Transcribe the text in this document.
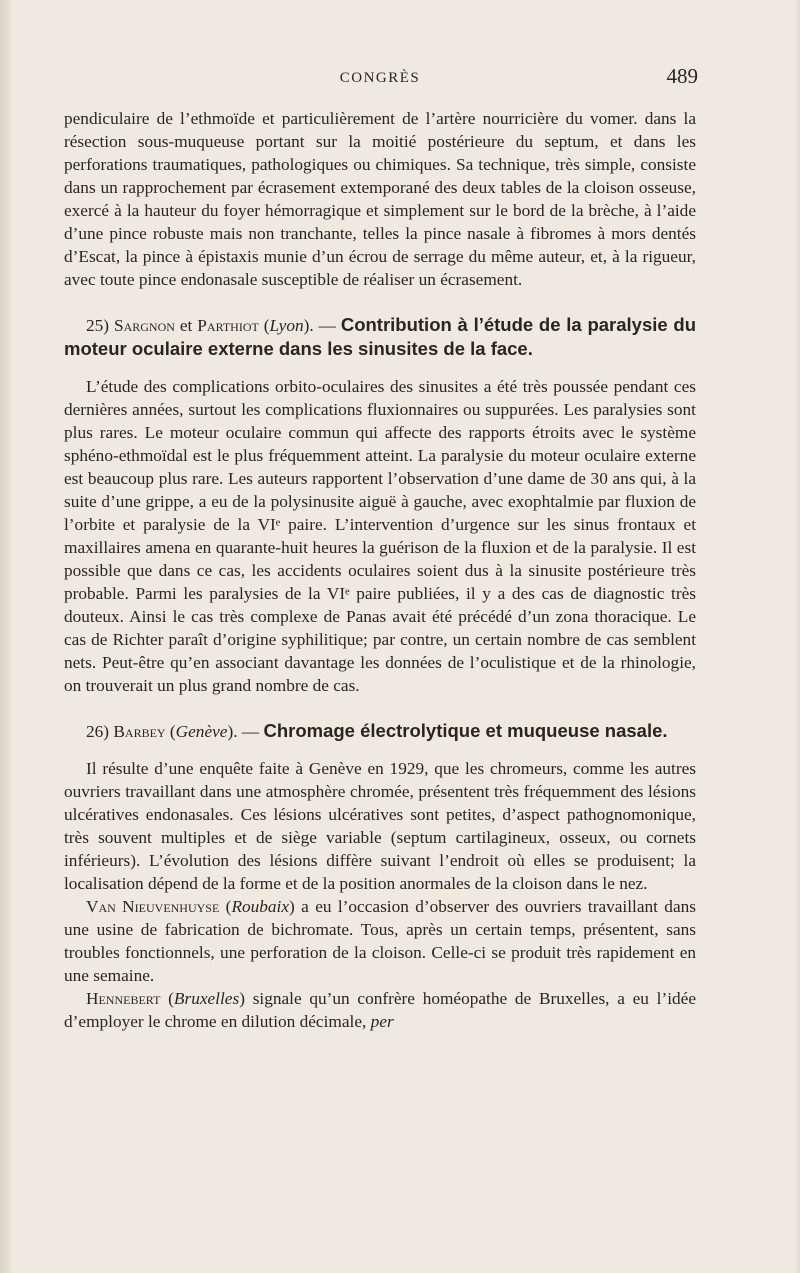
CONGRÈS	489

pendiculaire de l’ethmoïde et particulièrement de l’artère nourricière du vomer. dans la résection sous-muqueuse portant sur la moitié postérieure du septum, et dans les perforations traumatiques, pathologiques ou chimiques. Sa technique, très simple, consiste dans un rapprochement par écrasement extemporané des deux tables de la cloison osseuse, exercé à la hauteur du foyer hémorragique et simplement sur le bord de la brèche, à l’aide d’une pince robuste mais non tranchante, telles la pince nasale à fibromes à mors dentés d’Escat, la pince à épistaxis munie d’un écrou de serrage du même auteur, et, à la rigueur, avec toute pince endonasale susceptible de réaliser un écrasement.

25) Sargnon et Parthiot (Lyon). — Contribution à l’étude de la paralysie du moteur oculaire externe dans les sinusites de la face.

L’étude des complications orbito-oculaires des sinusites a été très poussée pendant ces dernières années, surtout les complications fluxionnaires ou suppurées. Les paralysies sont plus rares. Le moteur oculaire commun qui affecte des rapports étroits avec le système sphéno-ethmoïdal est le plus fréquemment atteint. La paralysie du moteur oculaire externe est beaucoup plus rare. Les auteurs rapportent l’observation d’une dame de 30 ans qui, à la suite d’une grippe, a eu de la polysinusite aiguë à gauche, avec exophtalmie par fluxion de l’orbite et paralysie de la VIᵉ paire. L’intervention d’urgence sur les sinus frontaux et maxillaires amena en quarante-huit heures la guérison de la fluxion et de la paralysie. Il est possible que dans ce cas, les accidents oculaires soient dus à la sinusite postérieure très probable. Parmi les paralysies de la VIᵉ paire publiées, il y a des cas de diagnostic très douteux. Ainsi le cas très complexe de Panas avait été précédé d’un zona thoracique. Le cas de Richter paraît d’origine syphilitique; par contre, un certain nombre de cas semblent nets. Peut-être qu’en associant davantage les données de l’oculistique et de la rhinologie, on trouverait un plus grand nombre de cas.

26) Barbey (Genève). — Chromage électrolytique et muqueuse nasale.

Il résulte d’une enquête faite à Genève en 1929, que les chromeurs, comme les autres ouvriers travaillant dans une atmosphère chromée, présentent très fréquemment des lésions ulcératives endonasales. Ces lésions ulcératives sont petites, d’aspect pathognomonique, très souvent multiples et de siège variable (septum cartilagineux, osseux, ou cornets inférieurs). L’évolution des lésions diffère suivant l’endroit où elles se produisent; la localisation dépend de la forme et de la position anormales de la cloison dans le nez.

Van Nieuvenhuyse (Roubaix) a eu l’occasion d’observer des ouvriers travaillant dans une usine de fabrication de bichromate. Tous, après un certain temps, présentent, sans troubles fonctionnels, une perforation de la cloison. Celle-ci se produit très rapidement en une semaine.

Hennebert (Bruxelles) signale qu’un confrère homéopathe de Bruxelles, a eu l’idée d’employer le chrome en dilution décimale, per
